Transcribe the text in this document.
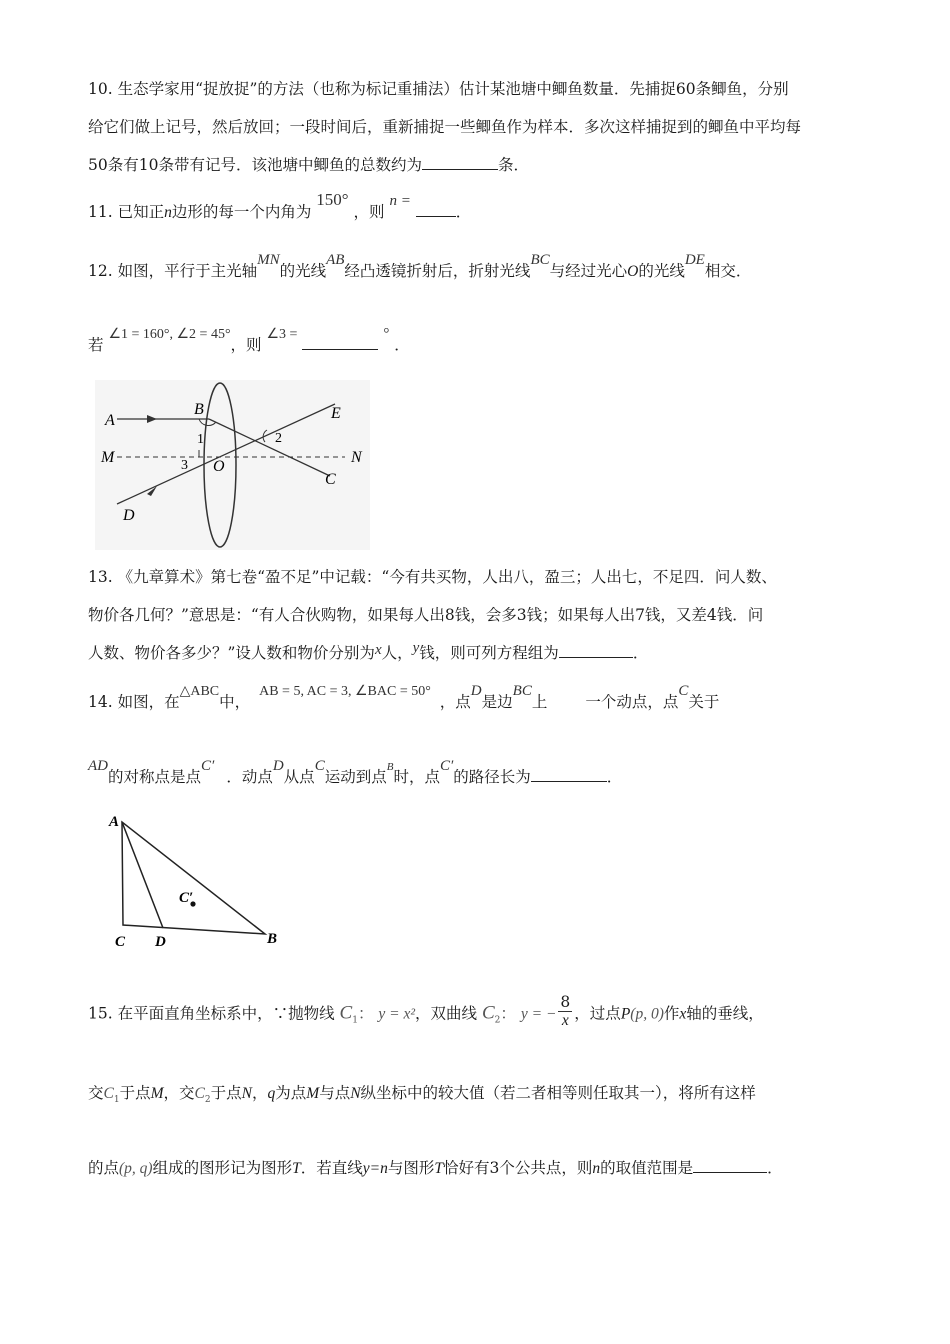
10. 生态学家用“捉放捉”的方法（也称为标记重捕法）估计某池塘中鲫鱼数量．先捕捉60条鲫鱼，分别
给它们做上记号，然后放回；一段时间后，重新捕捉一些鲫鱼作为样本．多次这样捕捉到的鲫鱼中平均每
50条有10条带有记号．该池塘中鲫鱼的总数约为	条．
11. 已知正n边形的每一个内角为 150° ，则 n = ．
12. 如图，平行于主光轴MN的光线AB经凸透镜折射后，折射光线BC与经过光心O的光线DE相交．
若 ∠1 = 160°, ∠2 = 45°，则 ∠3 =	° ．
A
B	E
M	N
C
D
O
1	2
3
13. 《九章算术》第七卷“盈不足”中记载：“今有共买物，人出八，盈三；人出七，不足四．问人数、
物价各几何？”意思是：“有人合伙购物，如果每人出8钱，会多3钱；如果每人出7钱，又差4钱．问
人数、物价各多少？”设人数和物价分别为x人，y钱，则可列方程组为	．
14. 如图，在△ABC中， AB = 5, AC = 3, ∠BAC = 50° ，点D是边BC上 一个动点，点C关于
AD的对称点是点C′．动点D从点C运动到点$^B$时，点C′的路径长为	．
A
C D	B
C′
15. 在平面直角坐标系中，∵抛物线 $C_1$： y = x²，双曲线 $C_2$： y = − $\frac{8}{x}$ ，过点P(p, 0)作x轴的垂线，
交$C_1$于点M，交$C_2$于点N，q为点M与点N纵坐标中的较大值（若二者相等则任取其一），将所有这样
的点(p, q)组成的图形记为图形T．若直线y=n与图形T恰好有3个公共点，则n的取值范围是	．
